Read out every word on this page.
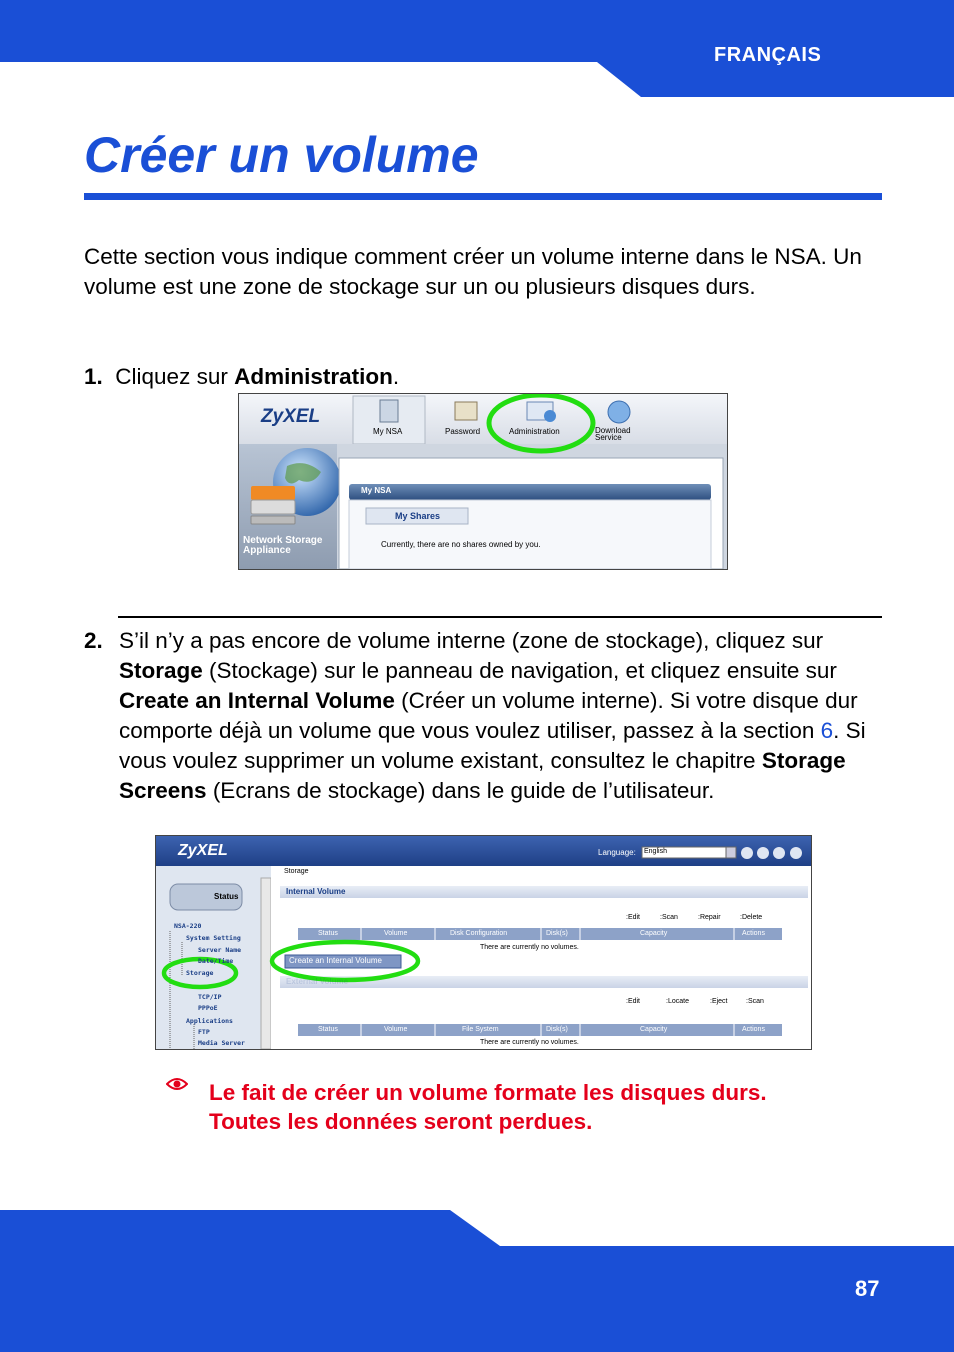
FRANÇAIS
Créer un volume

Cette section vous indique comment créer un volume interne dans le NSA. Un volume est une zone de stockage sur un ou plusieurs disques durs.

1. Cliquez sur Administration.

ZyXEL
My NSA	Password	Administration	Download Service
Network Storage Appliance
My NSA
My Shares
Currently, there are no shares owned by you.
2. S’il n’y a pas encore de volume interne (zone de stockage), cliquez sur Storage (Stockage) sur le panneau de navigation, et cliquez ensuite sur Create an Internal Volume (Créer un volume interne). Si votre disque dur comporte déjà un volume que vous voulez utiliser, passez à la section 6. Si vous voulez supprimer un volume existant, consultez le chapitre Storage Screens (Ecrans de stockage) dans le guide de l’utilisateur.

ZyXEL	Language: English
Storage
Status
NSA-220
System Setting
Server Name
Date/Time
Storage
TCP/IP
PPPoE
Applications
FTP
Media Server
Internal Volume
:Edit	:Scan	:Repair	:Delete
Status	Volume	Disk Configuration	Disk(s)	Capacity	Actions
There are currently no volumes.
Create an Internal Volume
External Volume
:Edit	:Locate	:Eject	:Scan
Status	Volume	File System	Disk(s)	Capacity	Actions
There are currently no volumes.

Le fait de créer un volume formate les disques durs. Toutes les données seront perdues.

87
